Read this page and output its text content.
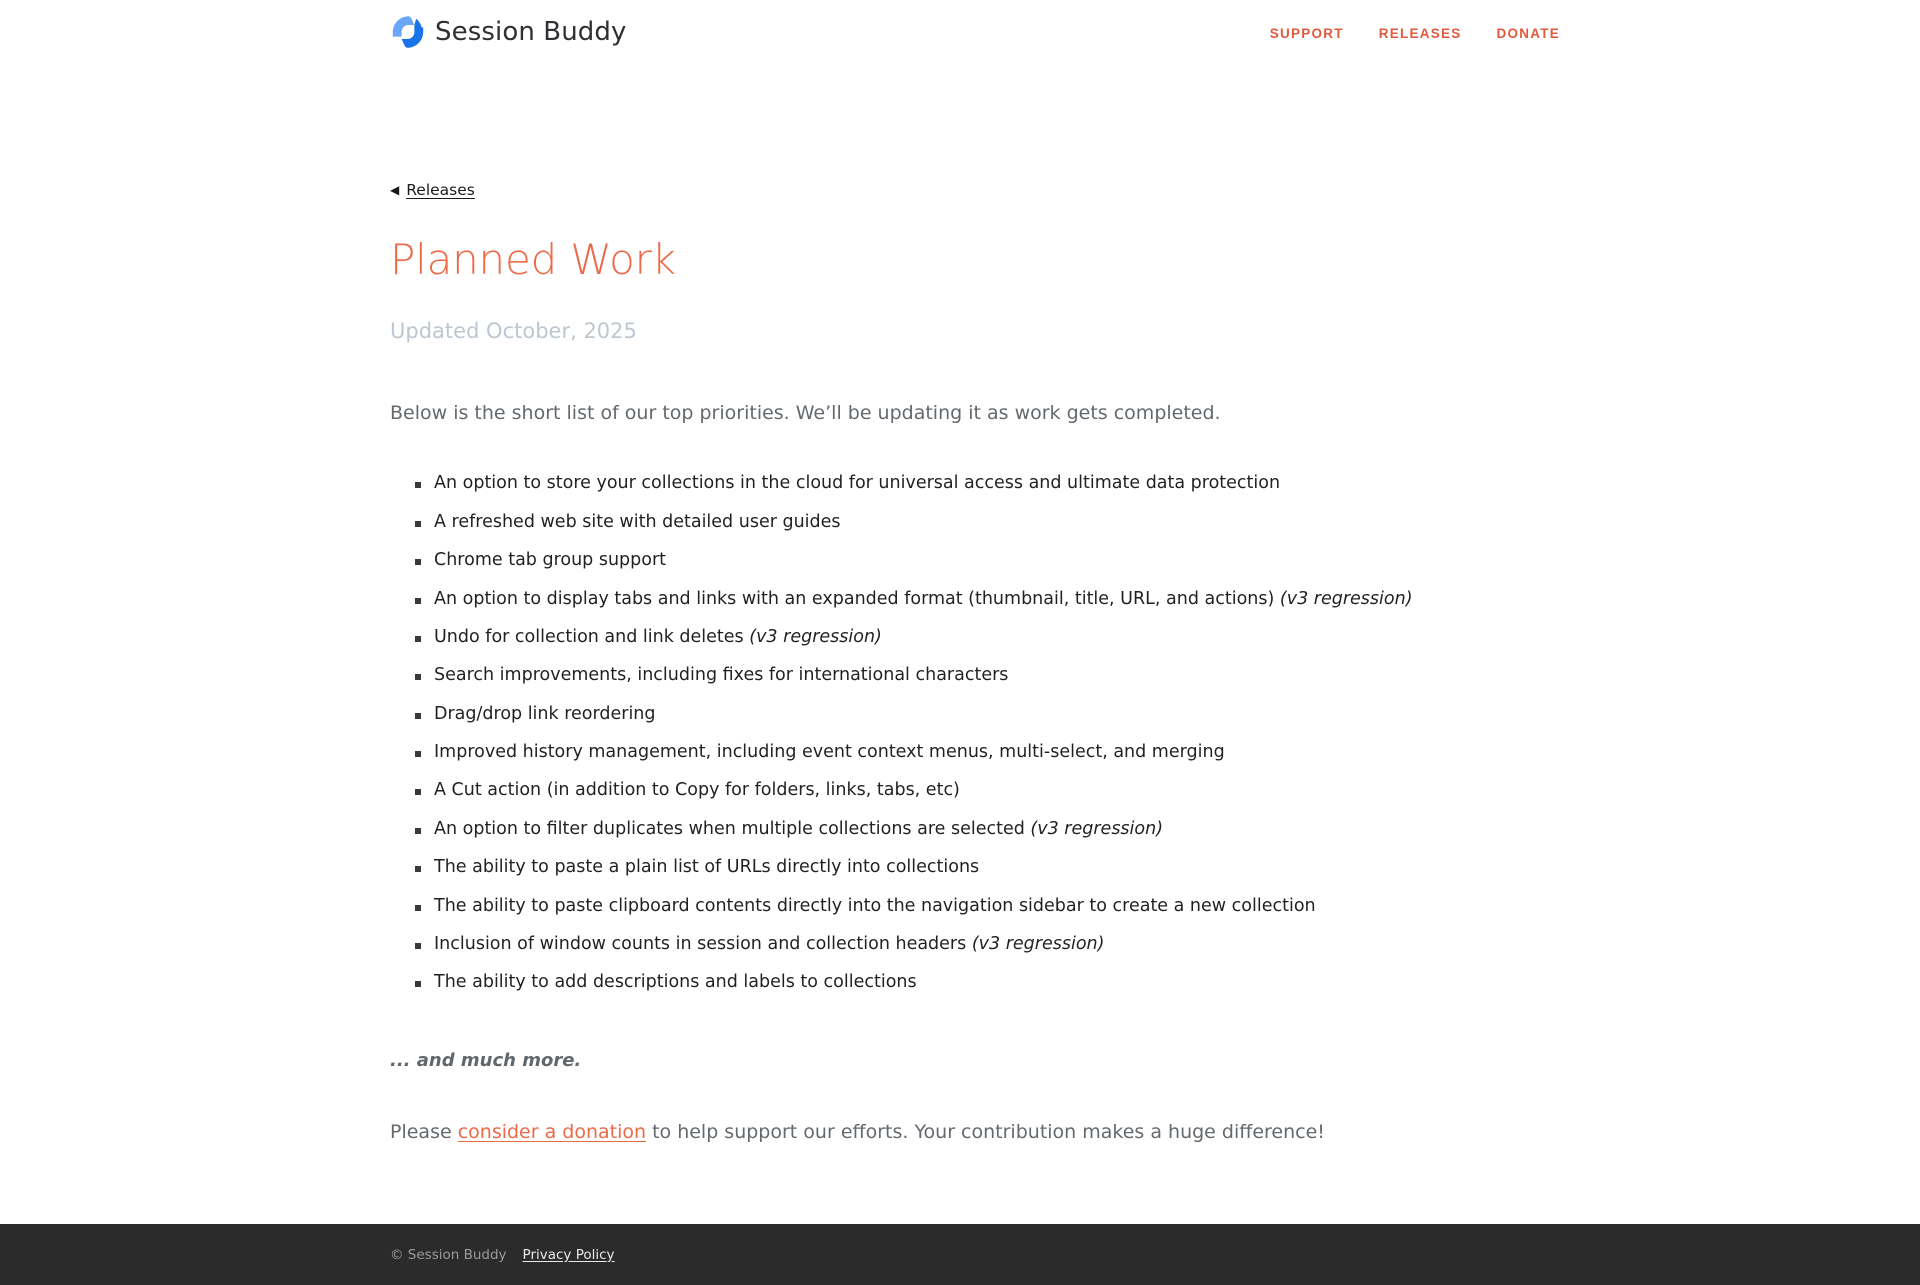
Session Buddy	SUPPORT	RELEASES	DONATE
◀ Releases
Planned Work
Updated October, 2025

Below is the short list of our top priorities. We’ll be updating it as work gets completed.

An option to store your collections in the cloud for universal access and ultimate data protection
A refreshed web site with detailed user guides
Chrome tab group support
An option to display tabs and links with an expanded format (thumbnail, title, URL, and actions) (v3 regression)
Undo for collection and link deletes (v3 regression)
Search improvements, including fixes for international characters
Drag/drop link reordering
Improved history management, including event context menus, multi-select, and merging
A Cut action (in addition to Copy for folders, links, tabs, etc)
An option to filter duplicates when multiple collections are selected (v3 regression)
The ability to paste a plain list of URLs directly into collections
The ability to paste clipboard contents directly into the navigation sidebar to create a new collection
Inclusion of window counts in session and collection headers (v3 regression)
The ability to add descriptions and labels to collections

... and much more.

Please consider a donation to help support our efforts. Your contribution makes a huge difference!

© Session Buddy Privacy Policy
